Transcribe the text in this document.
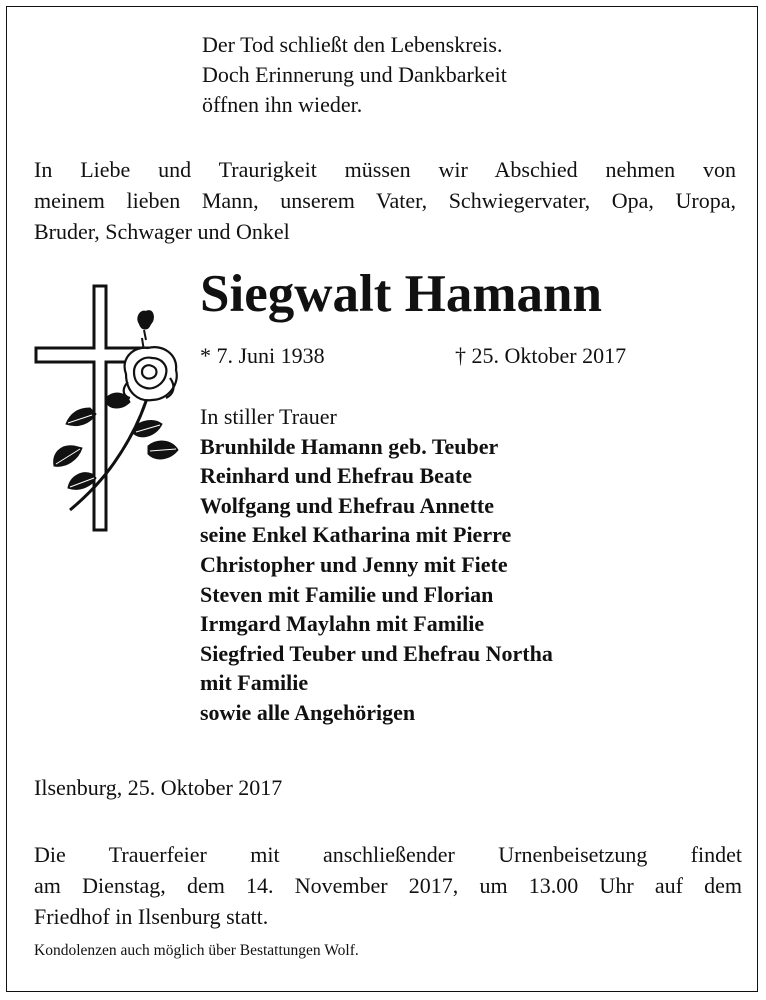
Der Tod schließt den Lebenskreis.
Doch Erinnerung und Dankbarkeit
öffnen ihn wieder.
In Liebe und Traurigkeit müssen wir Abschied nehmen von
meinem lieben Mann, unserem Vater, Schwiegervater, Opa, Uropa,
Bruder, Schwager und Onkel
Siegwalt Hamann
* 7. Juni 1938	† 25. Oktober 2017
In stiller Trauer
Brunhilde Hamann geb. Teuber
Reinhard und Ehefrau Beate
Wolfgang und Ehefrau Annette
seine Enkel Katharina mit Pierre
Christopher und Jenny mit Fiete
Steven mit Familie und Florian
Irmgard Maylahn mit Familie
Siegfried Teuber und Ehefrau Northa
mit Familie
sowie alle Angehörigen
Ilsenburg, 25. Oktober 2017
Die Trauerfeier mit anschließender Urnenbeisetzung findet
am Dienstag, dem 14. November 2017, um 13.00 Uhr auf dem
Friedhof in Ilsenburg statt.
Kondolenzen auch möglich über Bestattungen Wolf.
